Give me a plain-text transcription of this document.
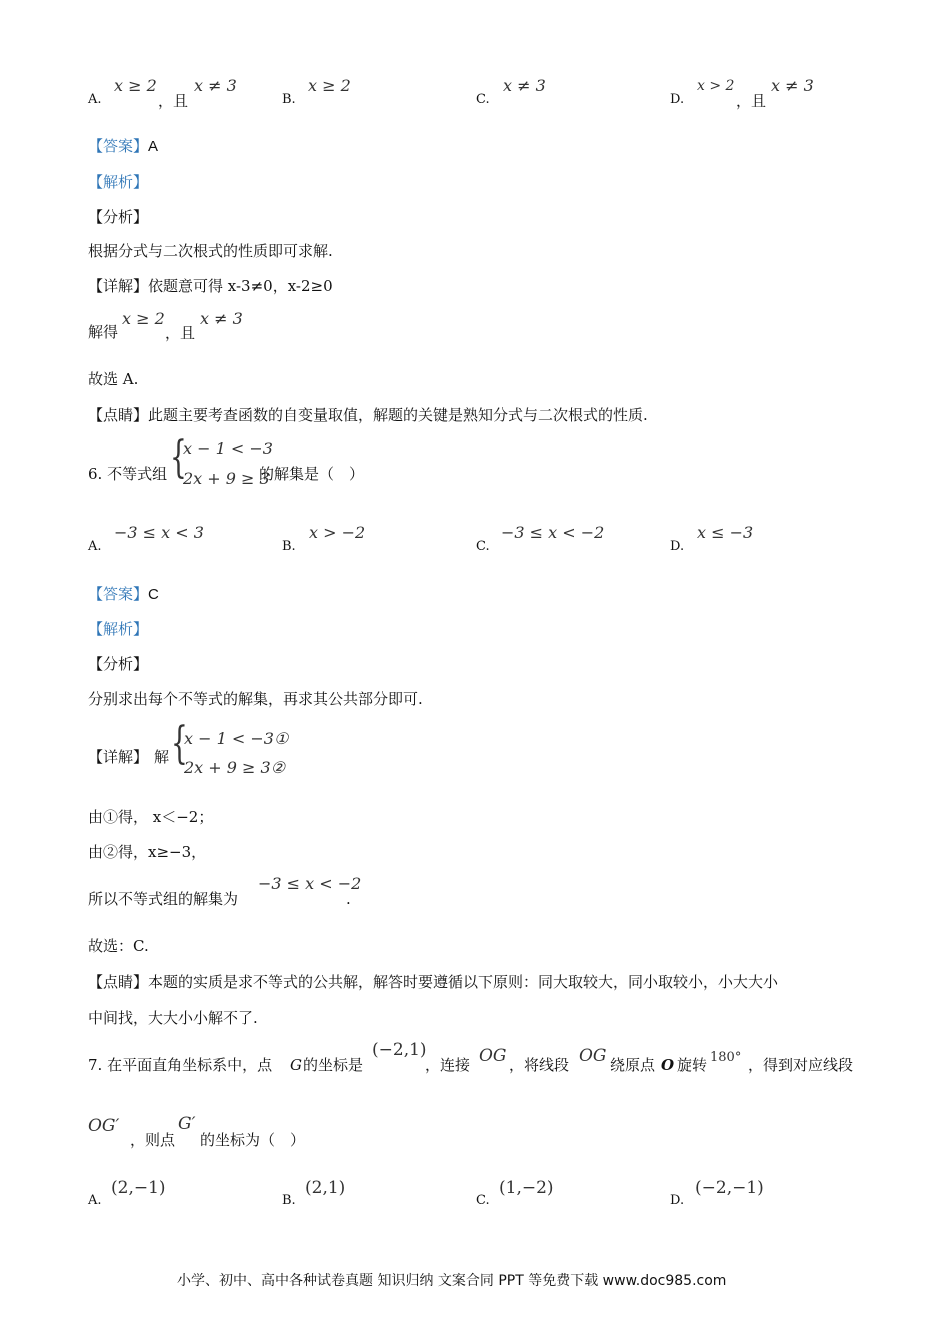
A.
x ≥ 2
，且
x ≠ 3
B.
x ≥ 2
C.
x ≠ 3
D.
x > 2
，且
x ≠ 3
【答案】A
【解析】
【分析】
根据分式与二次根式的性质即可求解.
【详解】依题意可得 x-3≠0，x-2≥0
解得
x ≥ 2
，且
x ≠ 3
故选 A.
【点睛】此题主要考查函数的自变量取值，解题的关键是熟知分式与二次根式的性质.
6. 不等式组 {
x − 1 < −3
2x + 9 ≥ 3
的解集是（　）
A.
−3 ≤ x < 3
B.
x > −2
C.
−3 ≤ x < −2
D.
x ≤ −3
【答案】C
【解析】
【分析】
分别求出每个不等式的解集，再求其公共部分即可.
【详解】 解 {
x − 1 < −3①
2x + 9 ≥ 3②
由①得， x＜−2；
由②得，x≥−3，
所以不等式组的解集为
−3 ≤ x < −2
.
故选：C.
【点睛】本题的实质是求不等式的公共解，解答时要遵循以下原则：同大取较大，同小取较小，小大大小
中间找，大大小小解不了.
7. 在平面直角坐标系中，点 G 的坐标是
(−2,1)
，连接 OG ，将线段 OG 绕原点 O 旋转 180° ，得到对应线段
OG′
，则点
G′
的坐标为（　）
A.
(2,−1)
B.
(2,1)
C.
(1,−2)
D.
(−2,−1)
小学、初中、高中各种试卷真题 知识归纳 文案合同 PPT 等免费下载 www.doc985.com
